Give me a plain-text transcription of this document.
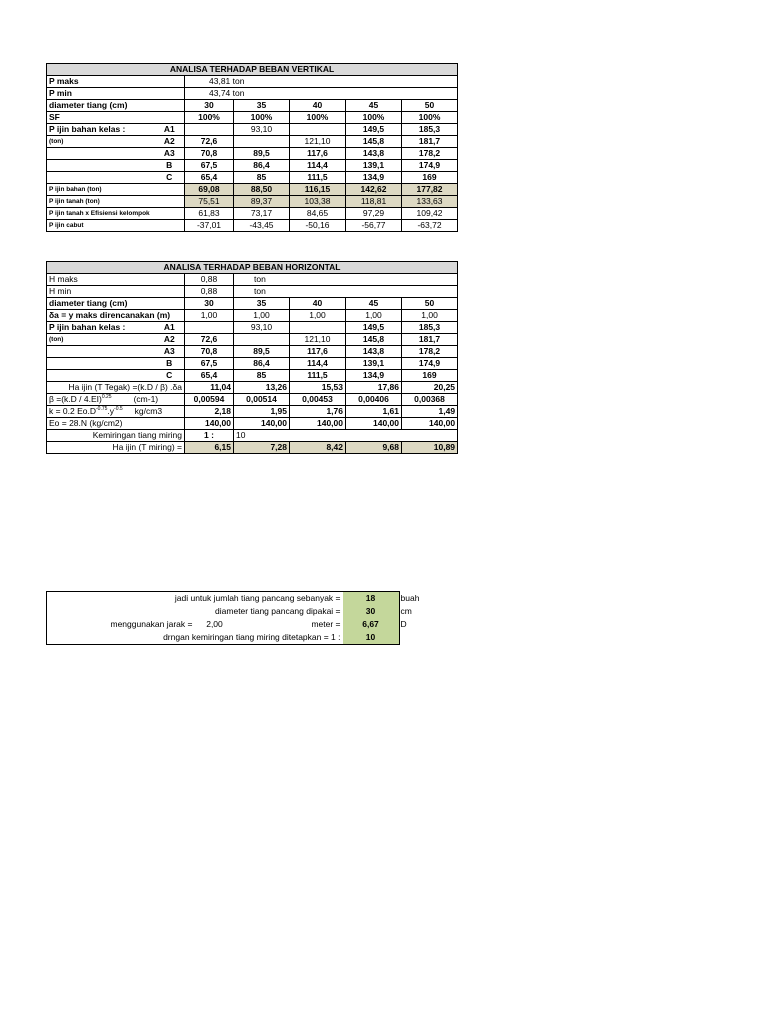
ANALISA TERHADAP BEBAN VERTIKAL						
P maks		43,81 ton				
P min		43,74 ton				
diameter tiang (cm)		30	35	40	45	50
SF		100%	100%	100%	100%	100%
P ijin bahan kelas :	A1		93,10		149,5	185,3
(ton)	A2	72,6		121,10	145,8	181,7
	A3	70,8	89,5	117,6	143,8	178,2
	B	67,5	86,4	114,4	139,1	174,9
	C	65,4	85	111,5	134,9	169
P ijin bahan (ton)		69,08	88,50	116,15	142,62	177,82
P ijin tanah (ton)		75,51	89,37	103,38	118,81	133,63
P ijin tanah x Efisiensi kelompok		61,83	73,17	84,65	97,29	109,42
P ijin cabut		-37,01	-43,45	-50,16	-56,77	-63,72
ANALISA TERHADAP BEBAN HORIZONTAL						
H maks		0,88	ton			
H min		0,88	ton			
diameter tiang (cm)		30	35	40	45	50
δa = y maks direncanakan (m)		1,00	1,00	1,00	1,00	1,00
P ijin bahan kelas :	A1		93,10		149,5	185,3
(ton)	A2	72,6		121,10	145,8	181,7
	A3	70,8	89,5	117,6	143,8	178,2
	B	67,5	86,4	114,4	139,1	174,9
	C	65,4	85	111,5	134,9	169
Ha ijin (T Tegak) =(k.D / β) .δa		11,04	13,26	15,53	17,86	20,25
β =(k.D / 4.EI)$^{0.25}$ (cm-1)		0,00594	0,00514	0,00453	0,00406	0,00368
k = 0.2 $Eo.D^{-0.75}.y^{-0.5}$ kg/cm3		2,18	1,95	1,76	1,61	1,49
Eo = 28.N (kg/cm2)		140,00	140,00	140,00	140,00	140,00
Kemiringan tiang miring		1 :	10			
Ha ijin (T miring) =		6,15	7,28	8,42	9,68	10,89
jadi untuk jumlah tiang pancang sebanyak =			18	buah
diameter tiang pancang dipakai =			30	cm
menggunakan jarak =	2,00	meter =	6,67	D
drngan kemiringan tiang miring ditetapkan = 1 :			10	
